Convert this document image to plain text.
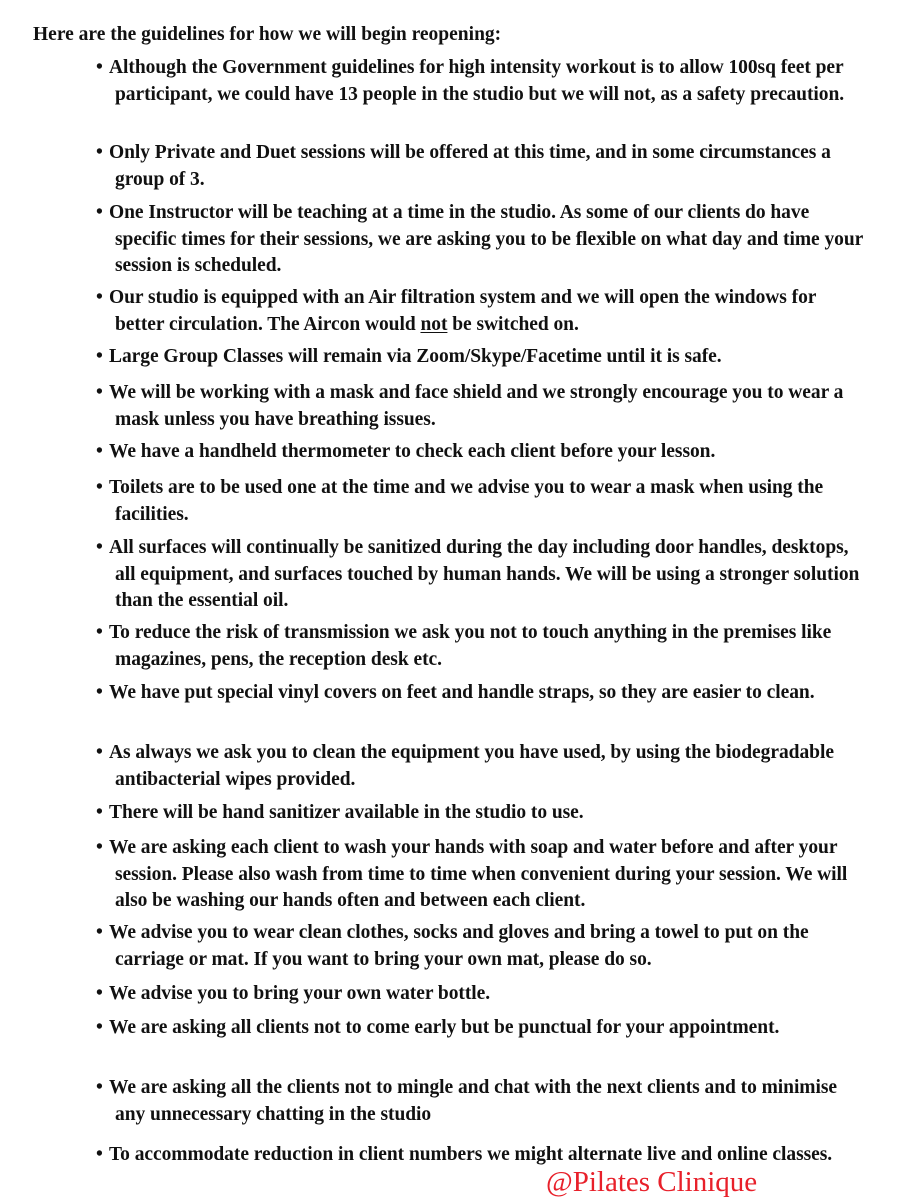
Here are the guidelines for how we will begin reopening:
• Although the Government guidelines for high intensity workout is to allow 100sq feet per participant, we could have 13 people in the studio but we will not, as a safety precaution.
• Only Private and Duet sessions will be offered at this time, and in some circumstances a group of 3.
• One Instructor will be teaching at a time in the studio. As some of our clients do have specific times for their sessions, we are asking you to be flexible on what day and time your session is scheduled.
• Our studio is equipped with an Air filtration system and we will open the windows for better circulation. The Aircon would not be switched on.
• Large Group Classes will remain via Zoom/Skype/Facetime until it is safe.
• We will be working with a mask and face shield and we strongly encourage you to wear a mask unless you have breathing issues.
• We have a handheld thermometer to check each client before your lesson.
• Toilets are to be used one at the time and we advise you to wear a mask when using the facilities.
• All surfaces will continually be sanitized during the day including door handles, desktops, all equipment, and surfaces touched by human hands. We will be using a stronger solution than the essential oil.
• To reduce the risk of transmission we ask you not to touch anything in the premises like magazines, pens, the reception desk etc.
• We have put special vinyl covers on feet and handle straps, so they are easier to clean.
• As always we ask you to clean the equipment you have used, by using the biodegradable antibacterial wipes provided.
• There will be hand sanitizer available in the studio to use.
• We are asking each client to wash your hands with soap and water before and after your session. Please also wash from time to time when convenient during your session. We will also be washing our hands often and between each client.
• We advise you to wear clean clothes, socks and gloves and bring a towel to put on the carriage or mat. If you want to bring your own mat, please do so.
• We advise you to bring your own water bottle.
• We are asking all clients not to come early but be punctual for your appointment.
• We are asking all the clients not to mingle and chat with the next clients and to minimise any unnecessary chatting in the studio
• To accommodate reduction in client numbers we might alternate live and online classes.
@Pilates Clinique
